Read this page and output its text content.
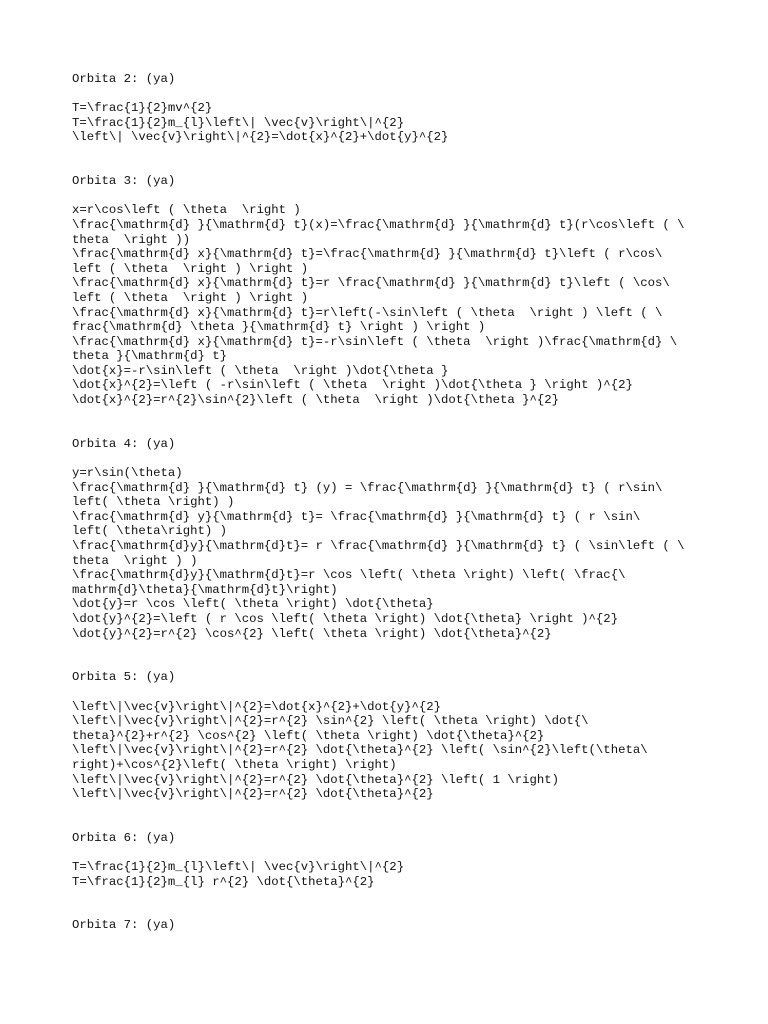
Orbita 2: (ya)
T=\frac{1}{2}mv^{2}
T=\frac{1}{2}m_{l}\left\| \vec{v}\right\|^{2}
\left\| \vec{v}\right\|^{2}=\dot{x}^{2}+\dot{y}^{2}
Orbita 3: (ya)
x=r\cos\left ( \theta  \right )
\frac{\mathrm{d} }{\mathrm{d} t}(x)=\frac{\mathrm{d} }{\mathrm{d} t}(r\cos\left ( \
theta  \right ))
\frac{\mathrm{d} x}{\mathrm{d} t}=\frac{\mathrm{d} }{\mathrm{d} t}\left ( r\cos\
left ( \theta  \right ) \right )
\frac{\mathrm{d} x}{\mathrm{d} t}=r \frac{\mathrm{d} }{\mathrm{d} t}\left ( \cos\
left ( \theta  \right ) \right )
\frac{\mathrm{d} x}{\mathrm{d} t}=r\left(-\sin\left ( \theta  \right ) \left ( \
frac{\mathrm{d} \theta }{\mathrm{d} t} \right ) \right )
\frac{\mathrm{d} x}{\mathrm{d} t}=-r\sin\left ( \theta  \right )\frac{\mathrm{d} \
theta }{\mathrm{d} t}
\dot{x}=-r\sin\left ( \theta  \right )\dot{\theta }
\dot{x}^{2}=\left ( -r\sin\left ( \theta  \right )\dot{\theta } \right )^{2}
\dot{x}^{2}=r^{2}\sin^{2}\left ( \theta  \right )\dot{\theta }^{2}
Orbita 4: (ya)
y=r\sin(\theta)
\frac{\mathrm{d} }{\mathrm{d} t} (y) = \frac{\mathrm{d} }{\mathrm{d} t} ( r\sin\
left( \theta \right) )
\frac{\mathrm{d} y}{\mathrm{d} t}= \frac{\mathrm{d} }{\mathrm{d} t} ( r \sin\
left( \theta\right) )
\frac{\mathrm{d}y}{\mathrm{d}t}= r \frac{\mathrm{d} }{\mathrm{d} t} ( \sin\left ( \
theta  \right ) )
\frac{\mathrm{d}y}{\mathrm{d}t}=r \cos \left( \theta \right) \left( \frac{\
mathrm{d}\theta}{\mathrm{d}t}\right)
\dot{y}=r \cos \left( \theta \right) \dot{\theta}
\dot{y}^{2}=\left ( r \cos \left( \theta \right) \dot{\theta} \right )^{2}
\dot{y}^{2}=r^{2} \cos^{2} \left( \theta \right) \dot{\theta}^{2}
Orbita 5: (ya)
\left\|\vec{v}\right\|^{2}=\dot{x}^{2}+\dot{y}^{2}
\left\|\vec{v}\right\|^{2}=r^{2} \sin^{2} \left( \theta \right) \dot{\
theta}^{2}+r^{2} \cos^{2} \left( \theta \right) \dot{\theta}^{2}
\left\|\vec{v}\right\|^{2}=r^{2} \dot{\theta}^{2} \left( \sin^{2}\left(\theta\
right)+\cos^{2}\left( \theta \right) \right)
\left\|\vec{v}\right\|^{2}=r^{2} \dot{\theta}^{2} \left( 1 \right)
\left\|\vec{v}\right\|^{2}=r^{2} \dot{\theta}^{2}
Orbita 6: (ya)
T=\frac{1}{2}m_{l}\left\| \vec{v}\right\|^{2}
T=\frac{1}{2}m_{l} r^{2} \dot{\theta}^{2}
Orbita 7: (ya)
